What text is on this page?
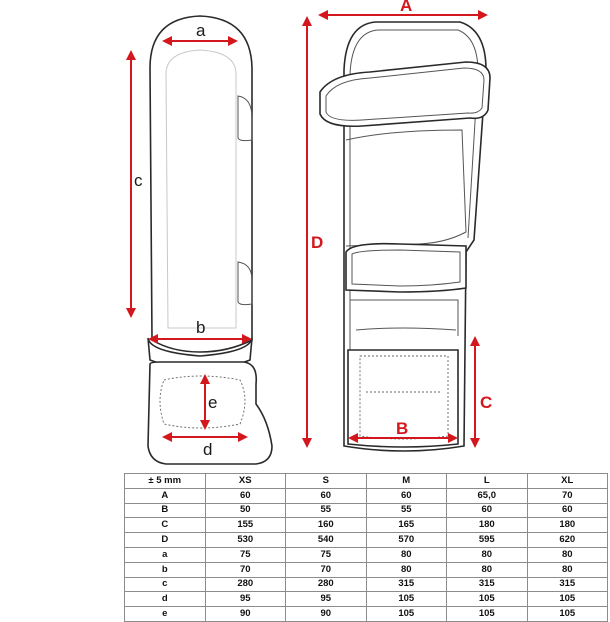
a
c
b
e
d
A
D
C
B
± 5 mm	XS	S	M	L	XL
A	60	60	60	65,0	70
B	50	55	55	60	60
C	155	160	165	180	180
D	530	540	570	595	620
a	75	75	80	80	80
b	70	70	80	80	80
c	280	280	315	315	315
d	95	95	105	105	105
e	90	90	105	105	105
